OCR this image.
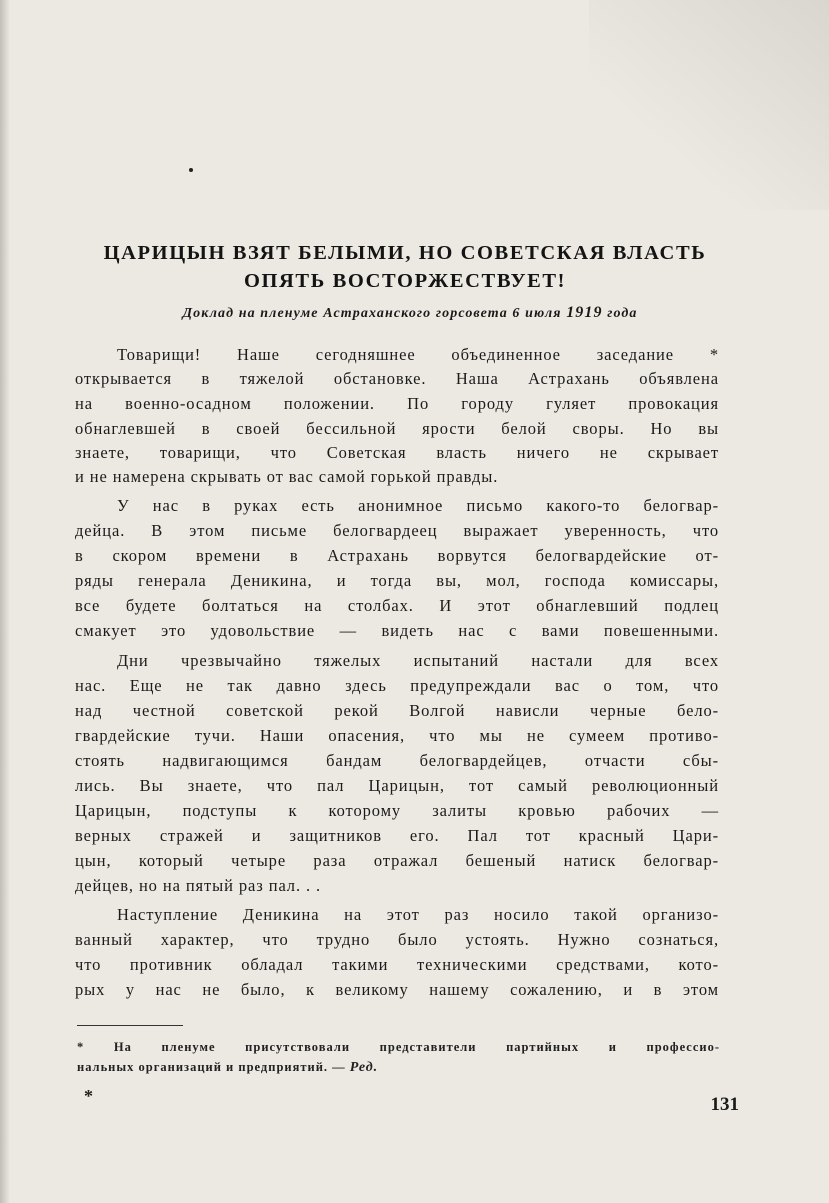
ЦАРИЦЫН ВЗЯТ БЕЛЫМИ, НО СОВЕТСКАЯ ВЛАСТЬ
ОПЯТЬ ВОСТОРЖЕСТВУЕТ!
Доклад на пленуме Астраханского горсовета 6 июля 1919 года
Товарищи! Наше сегодняшнее объединенное заседание *
открывается в тяжелой обстановке. Наша Астрахань объявлена
на военно-осадном положении. По городу гуляет провокация
обнаглевшей в своей бессильной ярости белой своры. Но вы
знаете, товарищи, что Советская власть ничего не скрывает
и не намерена скрывать от вас самой горькой правды.
У нас в руках есть анонимное письмо какого-то белогвар-
дейца. В этом письме белогвардеец выражает уверенность, что
в скором времени в Астрахань ворвутся белогвардейские от-
ряды генерала Деникина, и тогда вы, мол, господа комиссары,
все будете болтаться на столбах. И этот обнаглевший подлец
смакует это удовольствие — видеть нас с вами повешенными.
Дни чрезвычайно тяжелых испытаний настали для всех
нас. Еще не так давно здесь предупреждали вас о том, что
над честной советской рекой Волгой нависли черные бело-
гвардейские тучи. Наши опасения, что мы не сумеем противо-
стоять надвигающимся бандам белогвардейцев, отчасти сбы-
лись. Вы знаете, что пал Царицын, тот самый революционный
Царицын, подступы к которому залиты кровью рабочих —
верных стражей и защитников его. Пал тот красный Цари-
цын, который четыре раза отражал бешеный натиск белогвар-
дейцев, но на пятый раз пал. . .
Наступление Деникина на этот раз носило такой организо-
ванный характер, что трудно было устоять. Нужно сознаться,
что противник обладал такими техническими средствами, кото-
рых у нас не было, к великому нашему сожалению, и в этом
* На пленуме присутствовали представители партийных и профессио-
нальных организаций и предприятий. — Ред.
*	131
